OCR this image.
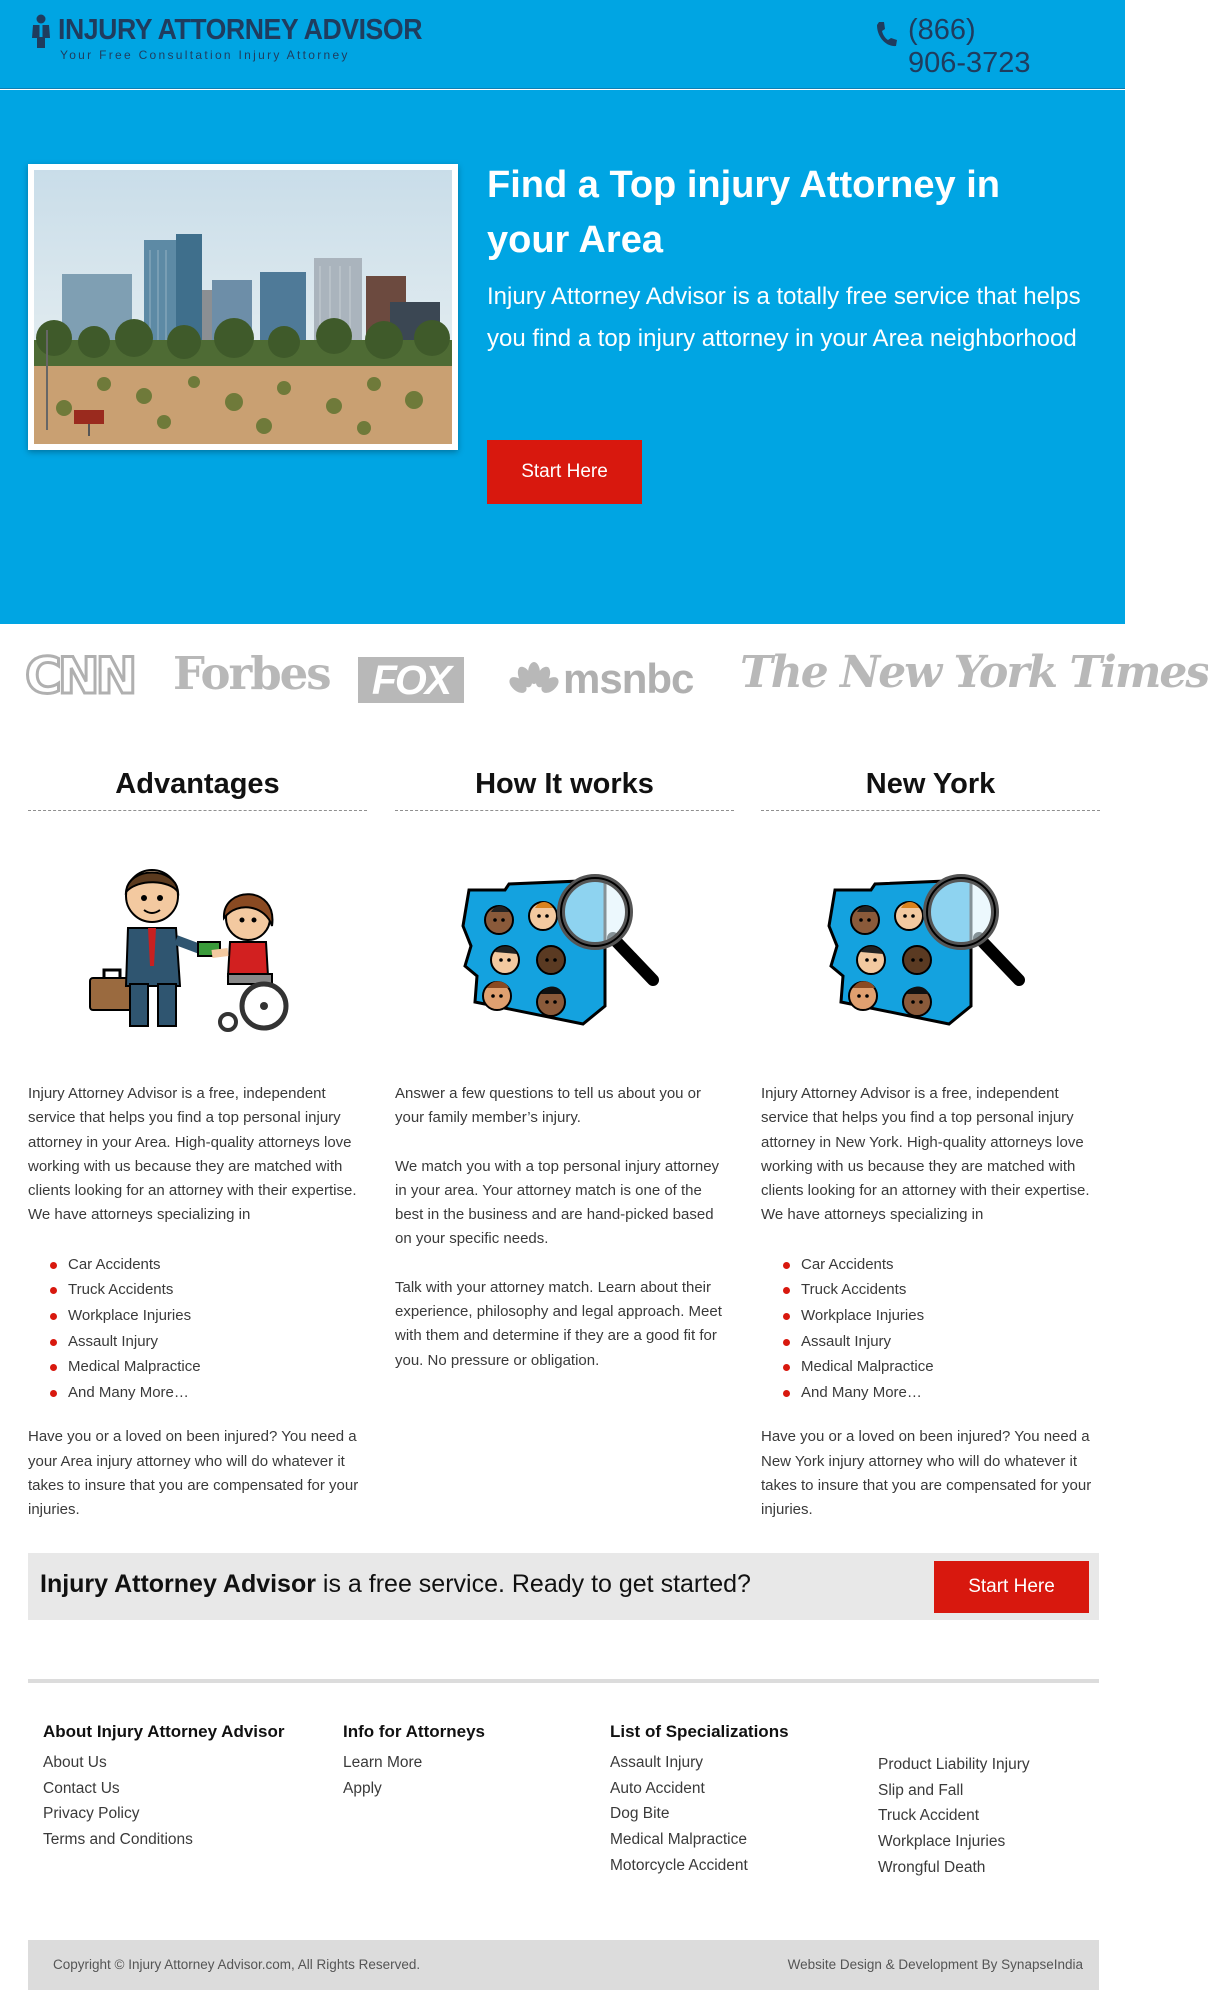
INJURY ATTORNEY ADVISOR
Your Free Consultation Injury Attorney
(866)
906-3723
Find a Top injury Attorney in your Area

Injury Attorney Advisor is a totally free service that helps you find a top injury attorney in your Area neighborhood

Start Here
CNN Forbes	FOX	msnbc The New York Times
Advantages

Injury Attorney Advisor is a free, independent service that helps you find a top personal injury attorney in your Area. High-quality attorneys love working with us because they are matched with clients looking for an attorney with their expertise. We have attorneys specializing in

Car Accidents
Truck Accidents
Workplace Injuries
Assault Injury
Medical Malpractice
And Many More…

Have you or a loved on been injured? You need a your Area injury attorney who will do whatever it takes to insure that you are compensated for your injuries.

How It works

Answer a few questions to tell us about you or your family member’s injury.

We match you with a top personal injury attorney in your area. Your attorney match is one of the best in the business and are hand-picked based on your specific needs.

Talk with your attorney match. Learn about their experience, philosophy and legal approach. Meet with them and determine if they are a good fit for you. No pressure or obligation.

New York

Injury Attorney Advisor is a free, independent service that helps you find a top personal injury attorney in New York. High-quality attorneys love working with us because they are matched with clients looking for an attorney with their expertise. We have attorneys specializing in

Car Accidents
Truck Accidents
Workplace Injuries
Assault Injury
Medical Malpractice
And Many More…

Have you or a loved on been injured? You need a New York injury attorney who will do whatever it takes to insure that you are compensated for your injuries.

Injury Attorney Advisor is a free service. Ready to get started?	Start Here
About Injury Attorney Advisor
About Us
Contact Us
Privacy Policy
Terms and Conditions
Info for Attorneys
Learn More
Apply
List of Specializations
Assault Injury
Auto Accident
Dog Bite
Medical Malpractice
Motorcycle Accident
Product Liability Injury
Slip and Fall
Truck Accident
Workplace Injuries
Wrongful Death
Copyright © Injury Attorney Advisor.com, All Rights Reserved.	Website Design & Development By SynapseIndia
